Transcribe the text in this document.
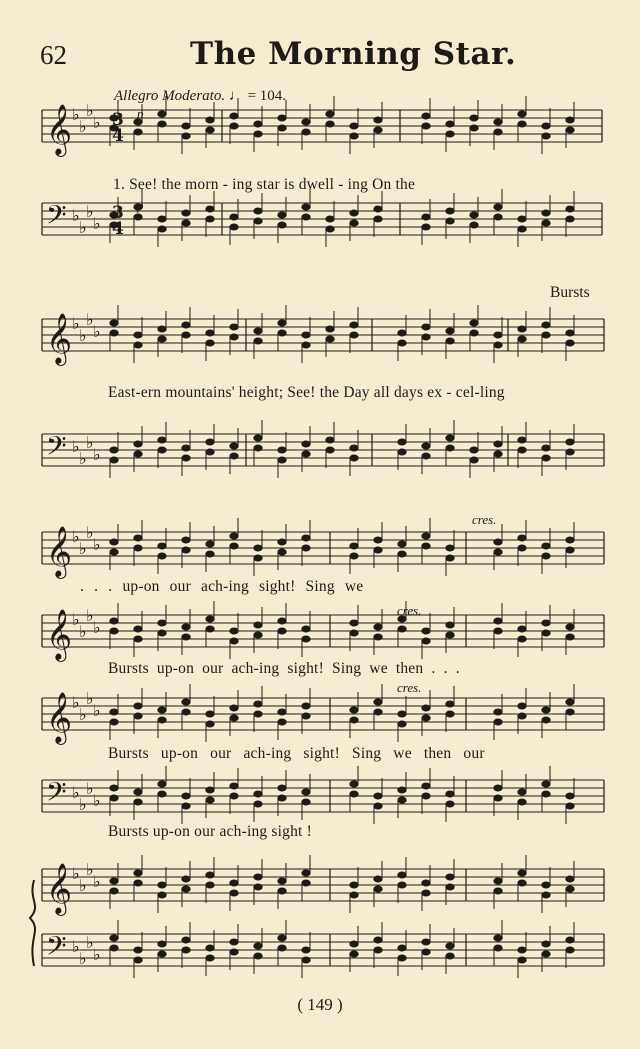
62	The Morning Star.
Allegro Moderato. ♩ = 104.
𝄞 ♭
♭
♭
♭
𝄢 ♭
♭
♭
♭
𝄞 ♭
♭
♭
♭
𝄢 ♭
♭
♭
♭
𝄞 ♭
♭
♭
♭
𝄞 ♭
♭
♭
♭
𝄞 ♭
♭
♭
♭
𝄢 ♭
♭
♭
♭
𝄞 ♭
♭
♭
♭
𝄢 ♭
♭
♭
♭
3
4
3
4
p
p
1. See! the morn - ing star is dwell - ing On the
Bursts
East-ern mountains' height; See! the Day all days ex - cel-ling
cres.
. . . up-on our ach-ing sight! Sing we
cres.
Bursts up-on our ach-ing sight! Sing we then . . .
cres.
Bursts up-on our ach-ing sight! Sing we then our
Bursts up-on our ach-ing sight !
( 149 )
